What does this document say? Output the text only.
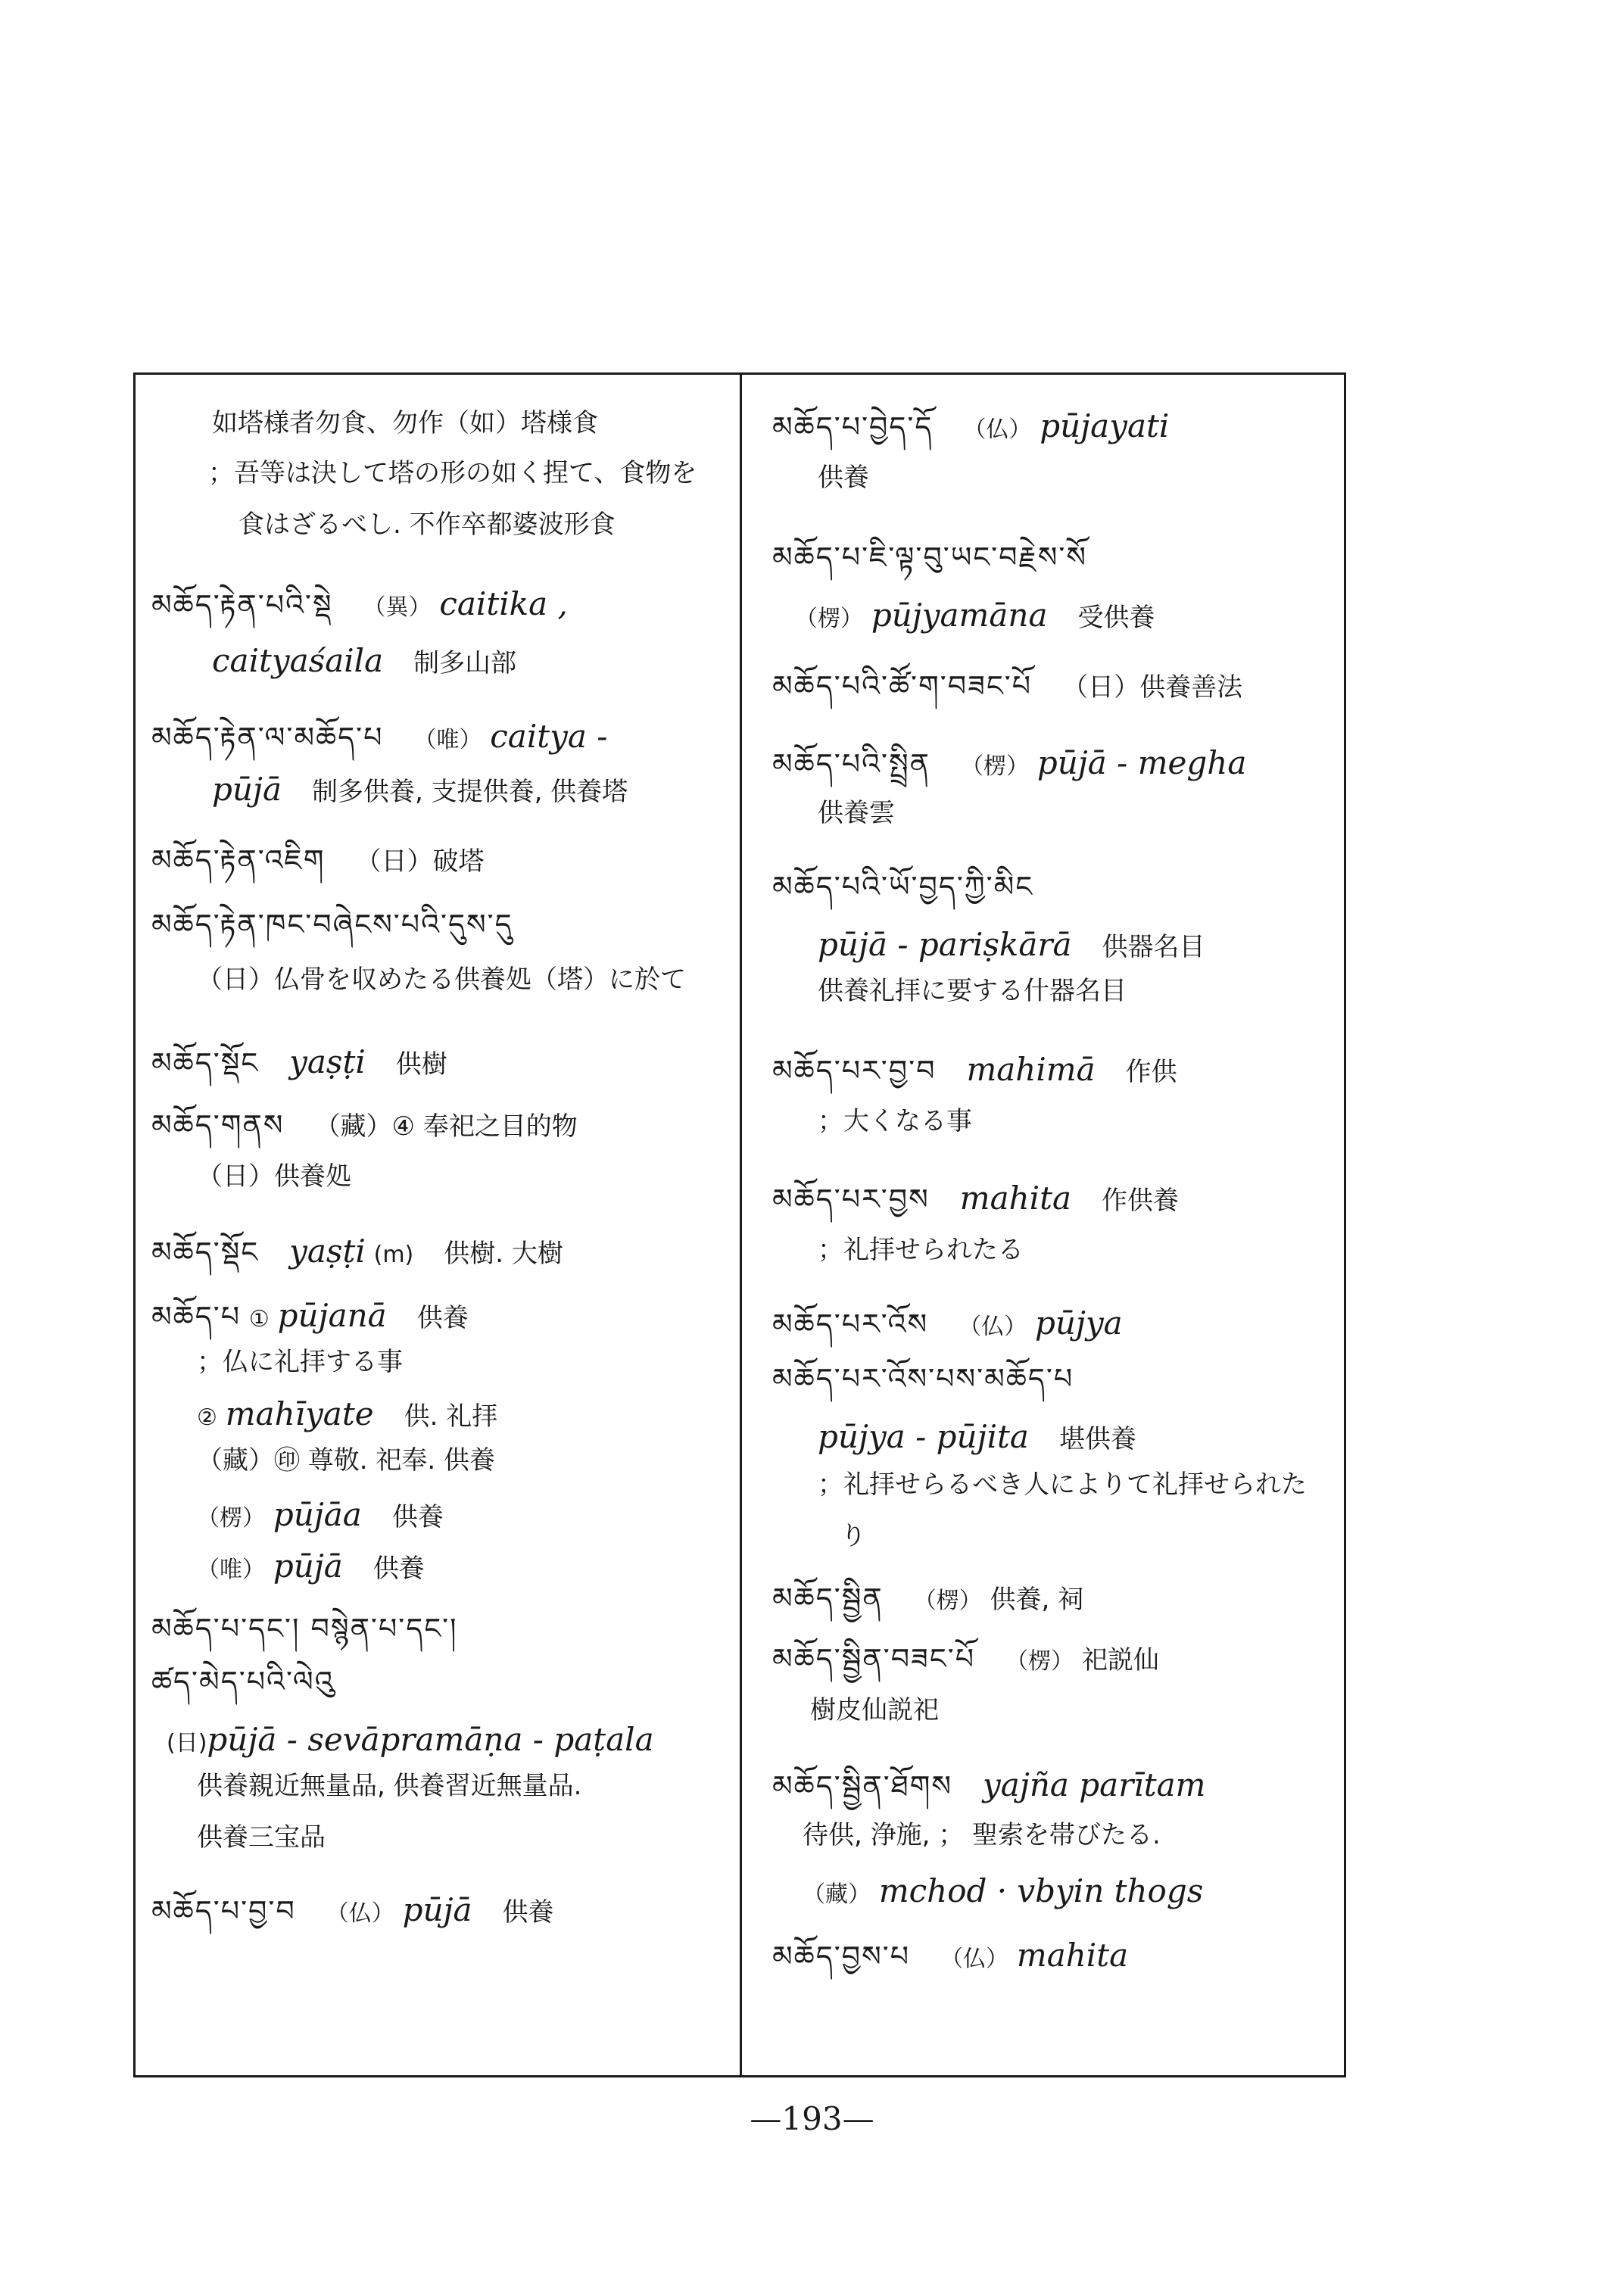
如塔様者勿食、勿作（如）塔様食
；吾等は決して塔の形の如く捏て、食物を
食はざるべし. 不作卒都婆波形食
མཆོད་རྟེན་པའི་སྡེ （異） caitika ,
caityaśaila 制多山部
མཆོད་རྟེན་ལ་མཆོད་པ （唯） caitya -
pūjā 制多供養, 支提供養, 供養塔
མཆོད་རྟེན་འཇིག （日）破塔
མཆོད་རྟེན་ཁང་བཞེངས་པའི་དུས་དུ
（日）仏骨を収めたる供養処（塔）に於て
མཆོད་སྡོང yaṣṭi 供樹
མཆོད་གནས （藏）④ 奉祀之目的物
（日）供養処
མཆོད་སྡོང yaṣṭi (m) 供樹. 大樹
མཆོད་པ ① pūjanā 供養
；仏に礼拝する事
② mahīyate 供. 礼拝
（藏）㊞ 尊敬. 祀奉. 供養
（楞） pūjāa 供養
（唯） pūjā 供養
མཆོད་པ་དང་། བསྙེན་པ་དང་།
ཚད་མེད་པའི་ལེའུ
(日)pūjā - sevāpramāṇa - paṭala
供養親近無量品, 供養習近無量品.
供養三宝品
མཆོད་པ་བྱ་བ （仏） pūjā 供養
མཆོད་པ་བྱེད་དོ （仏） pūjayati
供養
མཆོད་པ་ཇི་ལྟ་བུ་ཡང་བརྗེས་སོ
（楞） pūjyamāna 受供養
མཆོད་པའི་ཚོ་ག་བཟང་པོ （日）供養善法
མཆོད་པའི་སྤྲིན （楞） pūjā - megha
供養雲
མཆོད་པའི་ཡོ་བྱད་ཀྱི་མིང
pūjā - pariṣkārā 供器名目
供養礼拝に要する什器名目
མཆོད་པར་བྱ་བ mahimā 作供
；大くなる事
མཆོད་པར་བྱས mahita 作供養
；礼拝せられたる
མཆོད་པར་འོས （仏） pūjya
མཆོད་པར་འོས་པས་མཆོད་པ
pūjya - pūjita 堪供養
；礼拝せらるべき人によりて礼拝せられた
り
མཆོད་སྦྱིན （楞） 供養, 祠
མཆོད་སྦྱིན་བཟང་པོ （楞） 祀説仙
樹皮仙説祀
མཆོད་སྦྱིན་ཐོགས yajña parītam
待供, 浄施, ； 聖索を帯びたる.
（藏） mchod · vbyin thogs
མཆོད་བྱས་པ （仏） mahita
—193—
